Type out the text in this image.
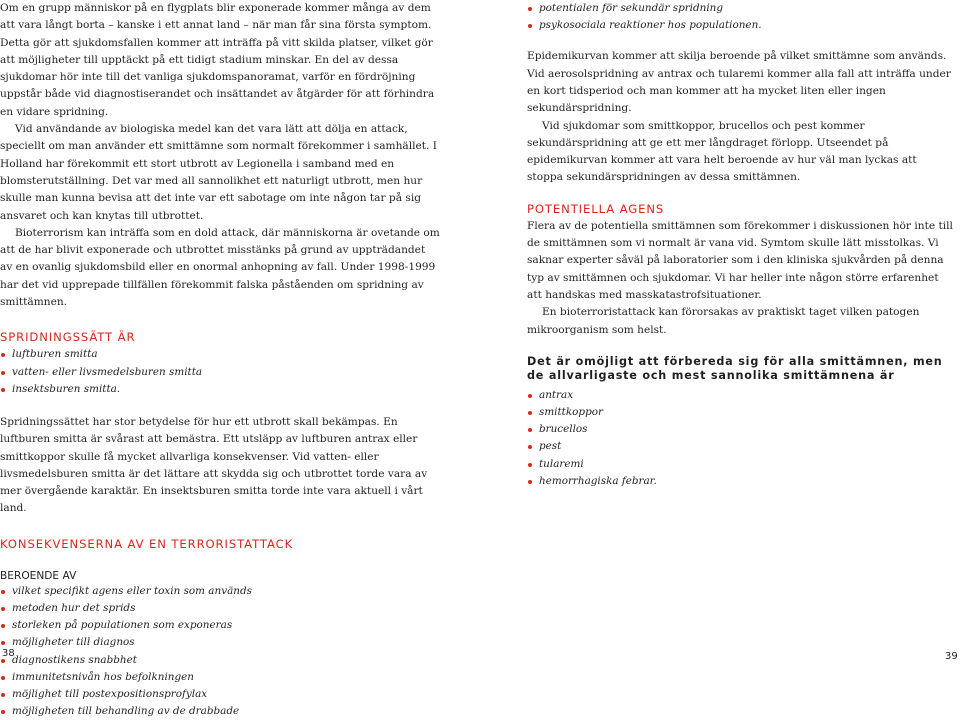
Om en grupp människor på en flygplats blir exponerade kommer många av dem att vara långt borta – kanske i ett annat land – när man får sina första symptom. Detta gör att sjukdomsfallen kommer att inträffa på vitt skilda platser, vilket gör att möjligheter till upptäckt på ett tidigt stadium minskar. En del av dessa sjukdomar hör inte till det vanliga sjukdomspanoramat, varför en fördröjning uppstår både vid diagnostiserandet och insättandet av åtgärder för att förhindra en vidare spridning.

Vid användande av biologiska medel kan det vara lätt att dölja en attack, speciellt om man använder ett smittämne som normalt förekommer i samhället. I Holland har förekommit ett stort utbrott av Legionella i samband med en blomsterutställning. Det var med all sannolikhet ett naturligt utbrott, men hur skulle man kunna bevisa att det inte var ett sabotage om inte någon tar på sig ansvaret och kan knytas till utbrottet.

Bioterrorism kan inträffa som en dold attack, där människorna är ovetande om att de har blivit exponerade och utbrottet misstänks på grund av uppträdandet av en ovanlig sjukdomsbild eller en onormal anhopning av fall. Under 1998-1999 har det vid upprepade tillfällen förekommit falska påståenden om spridning av smittämnen.

SPRIDNINGSSÄTT ÄR
luftburen smitta
vatten- eller livsmedelsburen smitta
insektsburen smitta.

Spridningssättet har stor betydelse för hur ett utbrott skall bekämpas. En luftburen smitta är svårast att bemästra. Ett utsläpp av luftburen antrax eller smittkoppor skulle få mycket allvarliga konsekvenser. Vid vatten- eller livsmedelsburen smitta är det lättare att skydda sig och utbrottet torde vara av mer övergående karaktär. En insektsburen smitta torde inte vara aktuell i vårt land.

KONSEKVENSERNA AV EN TERRORISTATTACK
BEROENDE AV
vilket specifikt agens eller toxin som används
metoden hur det sprids
storleken på populationen som exponeras
möjligheter till diagnos
diagnostikens snabbhet
immunitetsnivån hos befolkningen
möjlighet till postexpositionsprofylax
möjligheten till behandling av de drabbade
38
potentialen för sekundär spridning
psykosociala reaktioner hos populationen.

Epidemikurvan kommer att skilja beroende på vilket smittämne som används. Vid aerosolspridning av antrax och tularemi kommer alla fall att inträffa under en kort tidsperiod och man kommer att ha mycket liten eller ingen sekundärspridning.

Vid sjukdomar som smittkoppor, brucellos och pest kommer sekundärspridning att ge ett mer långdraget förlopp. Utseendet på epidemikurvan kommer att vara helt beroende av hur väl man lyckas att stoppa sekundärspridningen av dessa smittämnen.

POTENTIELLA AGENS

Flera av de potentiella smittämnen som förekommer i diskussionen hör inte till de smittämnen som vi normalt är vana vid. Symtom skulle lätt misstolkas. Vi saknar experter såväl på laboratorier som i den kliniska sjukvården på denna typ av smittämnen och sjukdomar. Vi har heller inte någon större erfarenhet att handskas med masskatastrofsituationer.

En bioterroristattack kan förorsakas av praktiskt taget vilken patogen mikroorganism som helst.

Det är omöjligt att förbereda sig för alla smittämnen, men de allvarligaste och mest sannolika smittämnena är
antrax
smittkoppor
brucellos
pest
tularemi
hemorrhagiska febrar.
39
